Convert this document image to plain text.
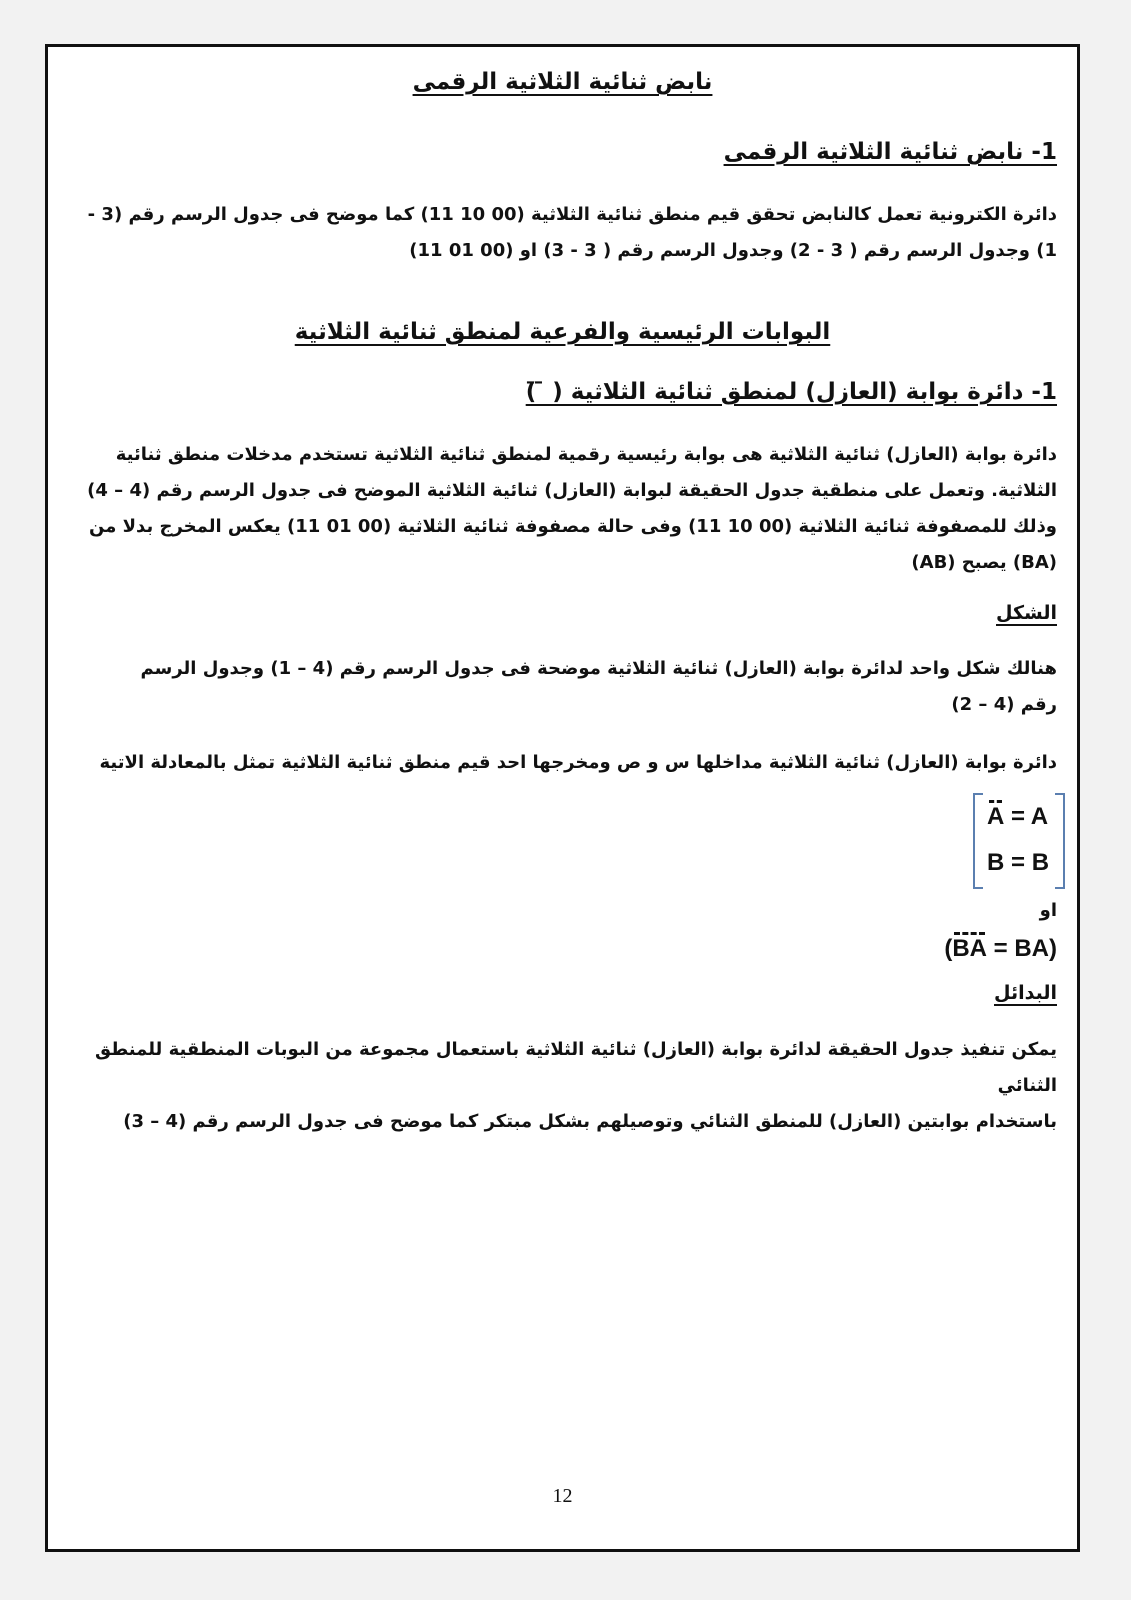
نابض ثنائية الثلاثية الرقمى
1- نابض ثنائية الثلاثية الرقمى
دائرة الكترونية تعمل كالنابض تحقق قيم منطق ثنائية الثلاثية (00 10 11) كما موضح فى جدول الرسم رقم (3 -
1) وجدول الرسم رقم ( 3 - 2) وجدول الرسم رقم ( 3 - 3) او (00 01 11)
البوابات الرئيسية والفرعية لمنطق ثنائية الثلاثية
1- دائرة بوابة (العازل) لمنطق ثنائية الثلاثية ( ̄ ̄)
دائرة بوابة (العازل) ثنائية الثلاثية هى بوابة رئيسية رقمية لمنطق ثنائية الثلاثية تستخدم مدخلات منطق ثنائية
الثلاثية. وتعمل على منطقية جدول الحقيقة لبوابة (العازل) ثنائية الثلاثية الموضح فى جدول الرسم رقم (4 – 4)
وذلك للمصفوفة ثنائية الثلاثية (00 10 11) وفى حالة مصفوفة ثنائية الثلاثية (00 01 11) يعكس المخرج بدلا من
(BA) يصبح (AB)
الشكل
هنالك شكل واحد لدائرة بوابة (العازل) ثنائية الثلاثية موضحة فى جدول الرسم رقم (4 – 1) وجدول الرسم
رقم (4 – 2)
دائرة بوابة (العازل) ثنائية الثلاثية مداخلها س و ص ومخرجها احد قيم منطق ثنائية الثلاثية تمثل بالمعادلة الاتية
A = A
B = B
او
(BA = BA)
البدائل
يمكن تنفيذ جدول الحقيقة لدائرة بوابة (العازل) ثنائية الثلاثية باستعمال مجموعة من البوبات المنطقية للمنطق الثنائي
باستخدام بوابتين (العازل) للمنطق الثنائي وتوصيلهم بشكل مبتكر كما موضح فى جدول الرسم رقم (4 – 3)
12
